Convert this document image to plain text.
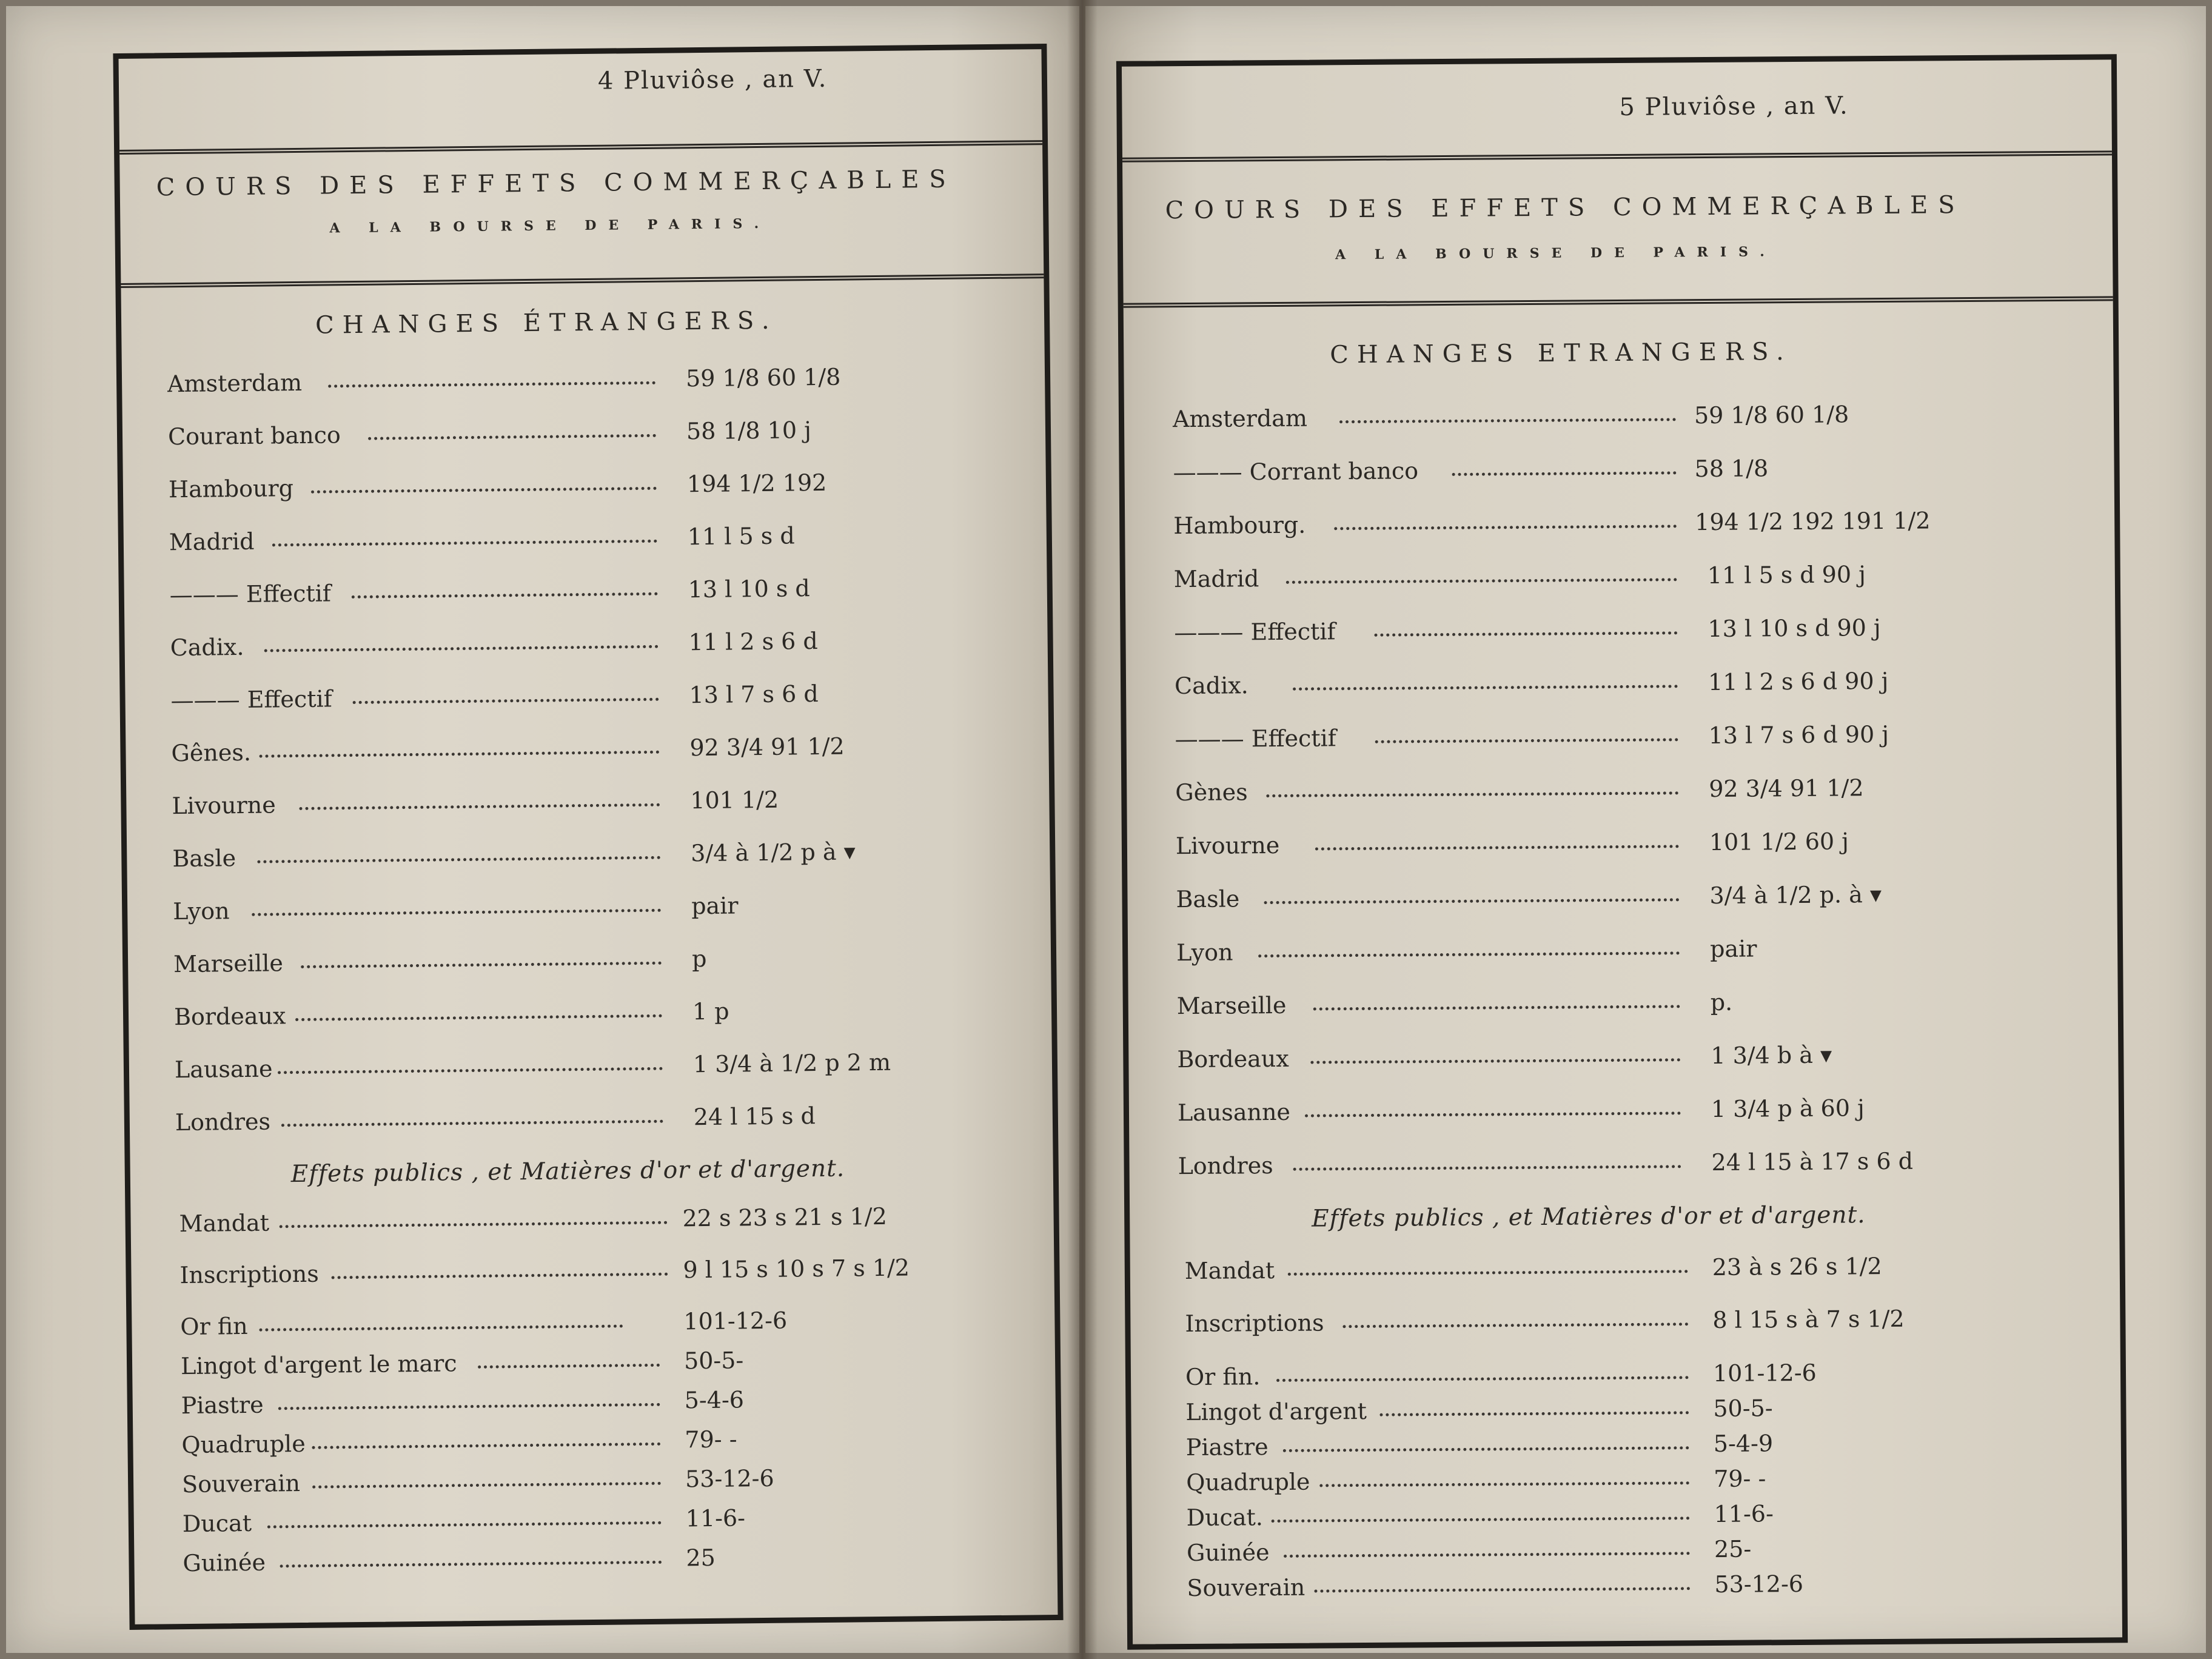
4 Pluviôse , an V.
COURS DES EFFETS COMMERÇABLES
A LA BOURSE DE PARIS.
CHANGES ÉTRANGERS.
Amsterdam	59 1/8 60 1/8
Courant banco	58 1/8 10 j
Hambourg	194 1/2 192
Madrid	11 l 5 s d
——— Effectif	13 l 10 s d
Cadix.	11 l 2 s 6 d
——— Effectif	13 l 7 s 6 d
Gênes.	92 3/4 91 1/2
Livourne	101 1/2
Basle	3/4 à 1/2 p à ▾
Lyon	pair
Marseille	p
Bordeaux	1 p
Lausane	1 3/4 à 1/2 p 2 m
Londres	24 l 15 s d
Effets publics , et Matières d'or et d'argent.
Mandat	22 s 23 s 21 s 1/2
Inscriptions	9 l 15 s 10 s 7 s 1/2
Or fin	101-12-6
Lingot d'argent le marc	50-5-
Piastre	5-4-6
Quadruple	79- -
Souverain	53-12-6
Ducat	11-6-
Guinée	25
5 Pluviôse , an V.
COURS DES EFFETS COMMERÇABLES
A LA BOURSE DE PARIS.
CHANGES ETRANGERS.
Amsterdam	59 1/8 60 1/8
——— Corrant banco	58 1/8
Hambourg.	194 1/2 192 191 1/2
Madrid	11 l 5 s d 90 j
——— Effectif	13 l 10 s d 90 j
Cadix.	11 l 2 s 6 d 90 j
——— Effectif	13 l 7 s 6 d 90 j
Gènes	92 3/4 91 1/2
Livourne	101 1/2 60 j
Basle	3/4 à 1/2 p. à ▾
Lyon	pair
Marseille	p.
Bordeaux	1 3/4 b à ▾
Lausanne	1 3/4 p à 60 j
Londres	24 l 15 à 17 s 6 d
Effets publics , et Matières d'or et d'argent.
Mandat	23 à s 26 s 1/2
Inscriptions	8 l 15 s à 7 s 1/2
Or fin.	101-12-6
Lingot d'argent	50-5-
Piastre	5-4-9
Quadruple	79- -
Ducat.	11-6-
Guinée	25-
Souverain	53-12-6
